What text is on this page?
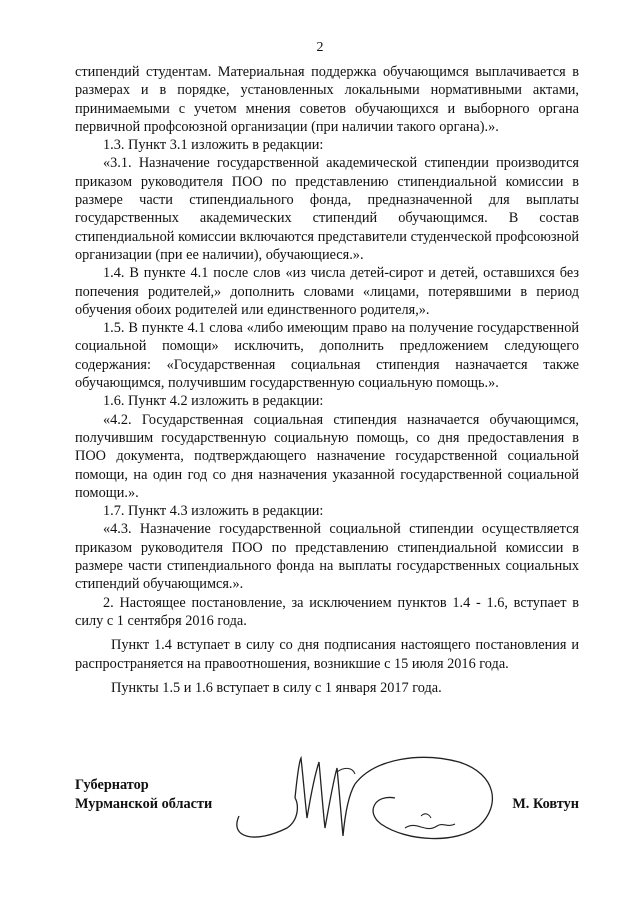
2

стипендий студентам. Материальная поддержка обучающимся выплачивается в размерах и в порядке, установленных локальными нормативными актами, принимаемыми с учетом мнения советов обучающихся и выборного органа первичной профсоюзной организации (при наличии такого органа).».

1.3. Пункт 3.1 изложить в редакции:

«3.1. Назначение государственной академической стипендии производится приказом руководителя ПОО по представлению стипендиальной комиссии в размере части стипендиального фонда, предназначенной для выплаты государственных академических стипендий обучающимся. В состав стипендиальной комиссии включаются представители студенческой профсоюзной организации (при ее наличии), обучающиеся.».

1.4. В пункте 4.1 после слов «из числа детей-сирот и детей, оставшихся без попечения родителей,» дополнить словами «лицами, потерявшими в период обучения обоих родителей или единственного родителя,».

1.5. В пункте 4.1 слова «либо имеющим право на получение государственной социальной помощи» исключить, дополнить предложением следующего содержания: «Государственная социальная стипендия назначается также обучающимся, получившим государственную социальную помощь.».

1.6. Пункт 4.2 изложить в редакции:

«4.2. Государственная социальная стипендия назначается обучающимся, получившим государственную социальную помощь, со дня предоставления в ПОО документа, подтверждающего назначение государственной социальной помощи, на один год со дня назначения указанной государственной социальной помощи.».

1.7. Пункт 4.3 изложить в редакции:

«4.3. Назначение государственной социальной стипендии осуществляется приказом руководителя ПОО по представлению стипендиальной комиссии в размере части стипендиального фонда на выплаты государственных социальных стипендий обучающимся.».

2. Настоящее постановление, за исключением пунктов 1.4 - 1.6, вступает в силу с 1 сентября 2016 года.

Пункт 1.4 вступает в силу со дня подписания настоящего постановления и распространяется на правоотношения, возникшие с 15 июля 2016 года.

Пункты 1.5 и 1.6 вступает в силу с 1 января 2017 года.

Губернатор
Мурманской области	М. Ковтун
